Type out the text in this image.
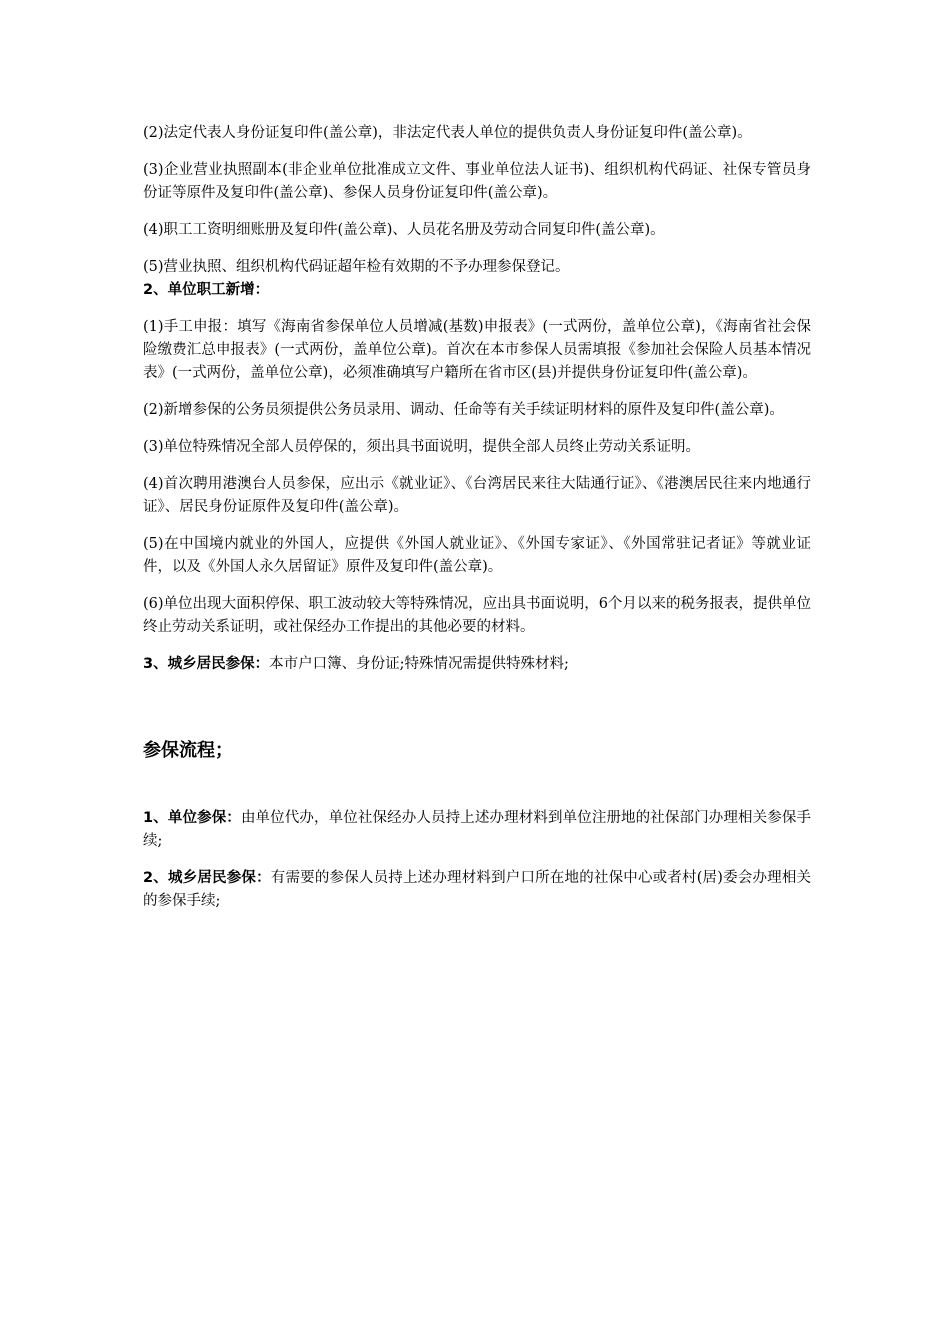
(2)法定代表人身份证复印件(盖公章)，非法定代表人单位的提供负责人身份证复印件(盖公章)。

(3)企业营业执照副本(非企业单位批准成立文件、事业单位法人证书)、组织机构代码证、社保专管员身份证等原件及复印件(盖公章)、参保人员身份证复印件(盖公章)。

(4)职工工资明细账册及复印件(盖公章)、人员花名册及劳动合同复印件(盖公章)。

(5)营业执照、组织机构代码证超年检有效期的不予办理参保登记。

2、单位职工新增：

(1)手工申报：填写《海南省参保单位人员增减(基数)申报表》(一式两份，盖单位公章)，《海南省社会保险缴费汇总申报表》(一式两份，盖单位公章)。首次在本市参保人员需填报《参加社会保险人员基本情况表》(一式两份，盖单位公章)，必须准确填写户籍所在省市区(县)并提供身份证复印件(盖公章)。

(2)新增参保的公务员须提供公务员录用、调动、任命等有关手续证明材料的原件及复印件(盖公章)。

(3)单位特殊情况全部人员停保的，须出具书面说明，提供全部人员终止劳动关系证明。

(4)首次聘用港澳台人员参保，应出示《就业证》、《台湾居民来往大陆通行证》、《港澳居民往来内地通行证》、居民身份证原件及复印件(盖公章)。

(5)在中国境内就业的外国人，应提供《外国人就业证》、《外国专家证》、《外国常驻记者证》等就业证件，以及《外国人永久居留证》原件及复印件(盖公章)。

(6)单位出现大面积停保、职工波动较大等特殊情况，应出具书面说明，6个月以来的税务报表，提供单位终止劳动关系证明，或社保经办工作提出的其他必要的材料。

3、城乡居民参保：本市户口簿、身份证;特殊情况需提供特殊材料;

参保流程；

1、单位参保：由单位代办，单位社保经办人员持上述办理材料到单位注册地的社保部门办理相关参保手续;

2、城乡居民参保：有需要的参保人员持上述办理材料到户口所在地的社保中心或者村(居)委会办理相关的参保手续;
